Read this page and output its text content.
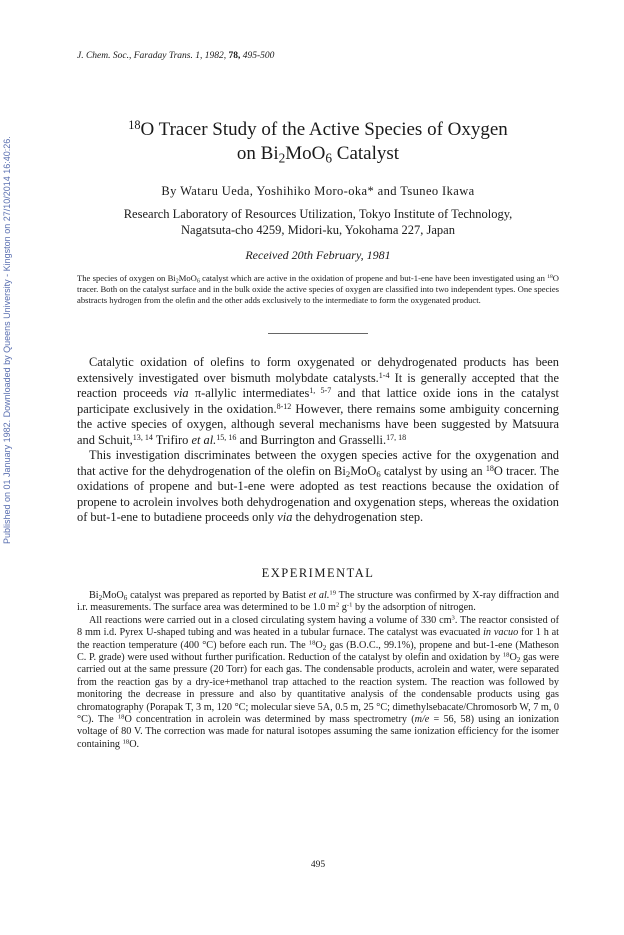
Published on 01 January 1982. Downloaded by Queens University - Kingston on 27/10/2014 16:40:26.
J. Chem. Soc., Faraday Trans. 1, 1982, 78, 495-500
$^{18}$O Tracer Study of the Active Species of Oxygen
on $Bi_2MoO_6$ Catalyst
By Wataru Ueda, Yoshihiko Moro-oka* and Tsuneo Ikawa
Research Laboratory of Resources Utilization, Tokyo Institute of Technology,
Nagatsuta-cho 4259, Midori-ku, Yokohama 227, Japan
Received 20th February, 1981
The species of oxygen on $Bi_2MoO_6$ catalyst which are active in the oxidation of propene and but-1-ene have been investigated using an $^{18}$O tracer. Both on the catalyst surface and in the bulk oxide the active species of oxygen are classified into two independent types. One species abstracts hydrogen from the olefin and the other adds exclusively to the intermediate to form the oxygenated product.

Catalytic oxidation of olefins to form oxygenated or dehydrogenated products has been extensively investigated over bismuth molybdate catalysts.$^{1-4}$ It is generally accepted that the reaction proceeds via π-allylic intermediates$^{1, 5-7}$ and that lattice oxide ions in the catalyst participate exclusively in the oxidation.$^{8-12}$ However, there remains some ambiguity concerning the active species of oxygen, although several mechanisms have been suggested by Matsuura and Schuit,$^{13, 14}$ Trifiro et al.$^{15, 16}$ and Burrington and Grasselli.$^{17, 18}$

This investigation discriminates between the oxygen species active for the oxygenation and that active for the dehydrogenation of the olefin on $Bi_2MoO_6$ catalyst by using an $^{18}$O tracer. The oxidations of propene and but-1-ene were adopted as test reactions because the oxidation of propene to acrolein involves both dehydrogenation and oxygenation steps, whereas the oxidation of but-1-ene to butadiene proceeds only via the dehydrogenation step.

EXPERIMENTAL

$Bi_2MoO_6$ catalyst was prepared as reported by Batist et al.$^{19}$ The structure was confirmed by X-ray diffraction and i.r. measurements. The surface area was determined to be 1.0 $m^2$ $g^{-1}$ by the adsorption of nitrogen.

All reactions were carried out in a closed circulating system having a volume of 330 $cm^3$. The reactor consisted of 8 mm i.d. Pyrex U-shaped tubing and was heated in a tubular furnace. The catalyst was evacuated in vacuo for 1 h at the reaction temperature (400 °C) before each run. The $^{18}O_2$ gas (B.O.C., 99.1%), propene and but-1-ene (Matheson C. P. grade) were used without further purification. Reduction of the catalyst by olefin and oxidation by $^{18}O_2$ gas were carried out at the same pressure (20 Torr) for each gas. The condensable products, acrolein and water, were separated from the reaction gas by a dry-ice+methanol trap attached to the reaction system. The reaction was followed by monitoring the decrease in pressure and also by quantitative analysis of the condensable products using gas chromatography (Porapak T, 3 m, 120 °C; molecular sieve 5A, 0.5 m, 25 °C; dimethylsebacate/Chromosorb W, 7 m, 0 °C). The $^{18}$O concentration in acrolein was determined by mass spectrometry (m/e = 56, 58) using an ionization voltage of 80 V. The correction was made for natural isotopes assuming the same ionization efficiency for the isomer containing $^{18}$O.

495
